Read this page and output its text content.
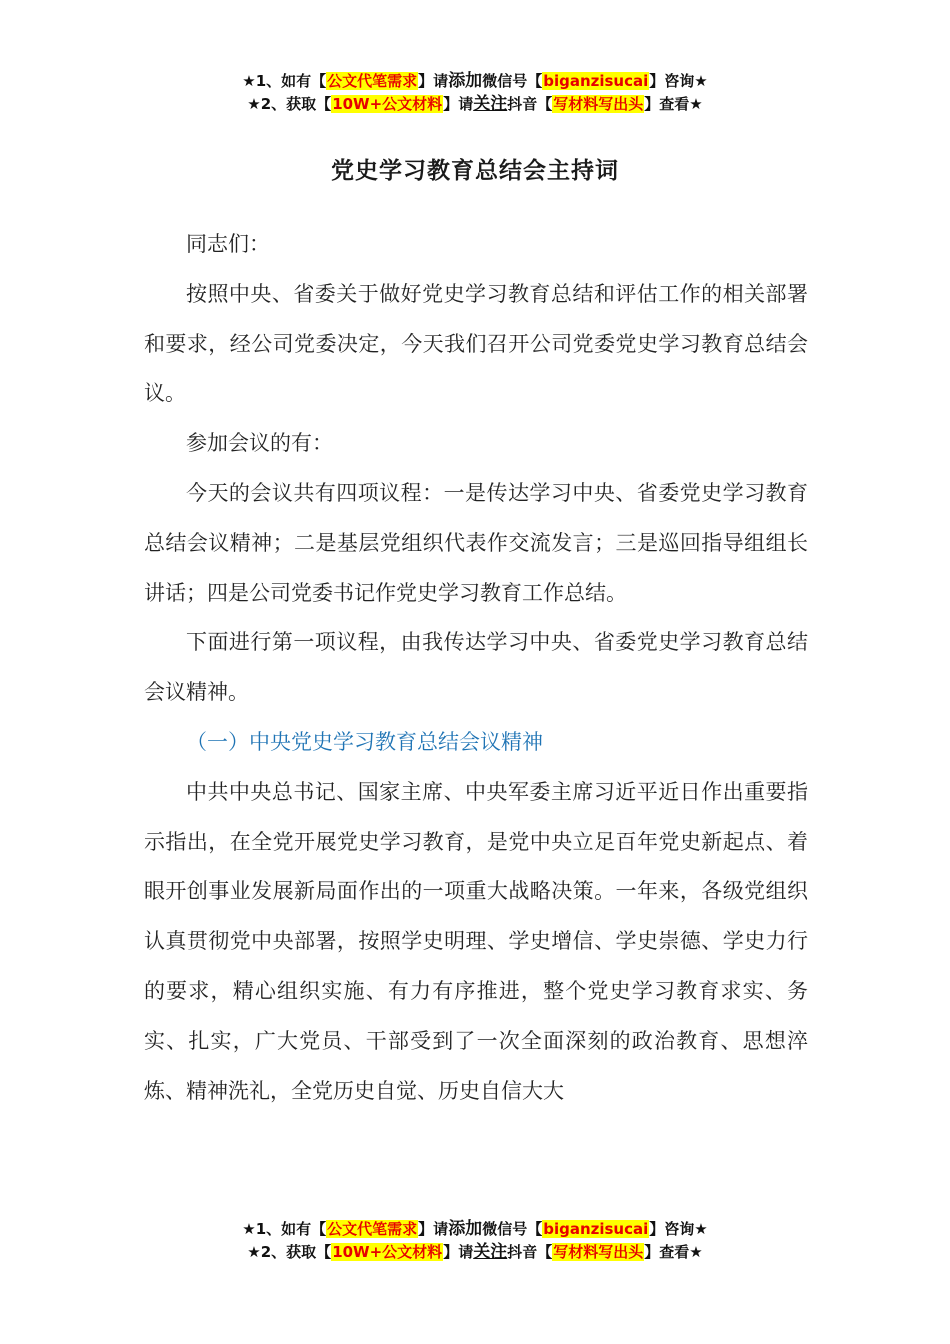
★1、如有【公文代笔需求】请添加微信号【biganzisucai】咨询★
★2、获取【10W+公文材料】请关注抖音【写材料写出头】查看★
党史学习教育总结会主持词

同志们：

按照中央、省委关于做好党史学习教育总结和评估工作的相关部署和要求，经公司党委决定，今天我们召开公司党委党史学习教育总结会议。

参加会议的有：

今天的会议共有四项议程：一是传达学习中央、省委党史学习教育总结会议精神；二是基层党组织代表作交流发言；三是巡回指导组组长讲话；四是公司党委书记作党史学习教育工作总结。

下面进行第一项议程，由我传达学习中央、省委党史学习教育总结会议精神。

（一）中央党史学习教育总结会议精神

中共中央总书记、国家主席、中央军委主席习近平近日作出重要指示指出，在全党开展党史学习教育，是党中央立足百年党史新起点、着眼开创事业发展新局面作出的一项重大战略决策。一年来，各级党组织认真贯彻党中央部署，按照学史明理、学史增信、学史崇德、学史力行的要求，精心组织实施、有力有序推进，整个党史学习教育求实、务实、扎实，广大党员、干部受到了一次全面深刻的政治教育、思想淬炼、精神洗礼，全党历史自觉、历史自信大大

★1、如有【公文代笔需求】请添加微信号【biganzisucai】咨询★
★2、获取【10W+公文材料】请关注抖音【写材料写出头】查看★
